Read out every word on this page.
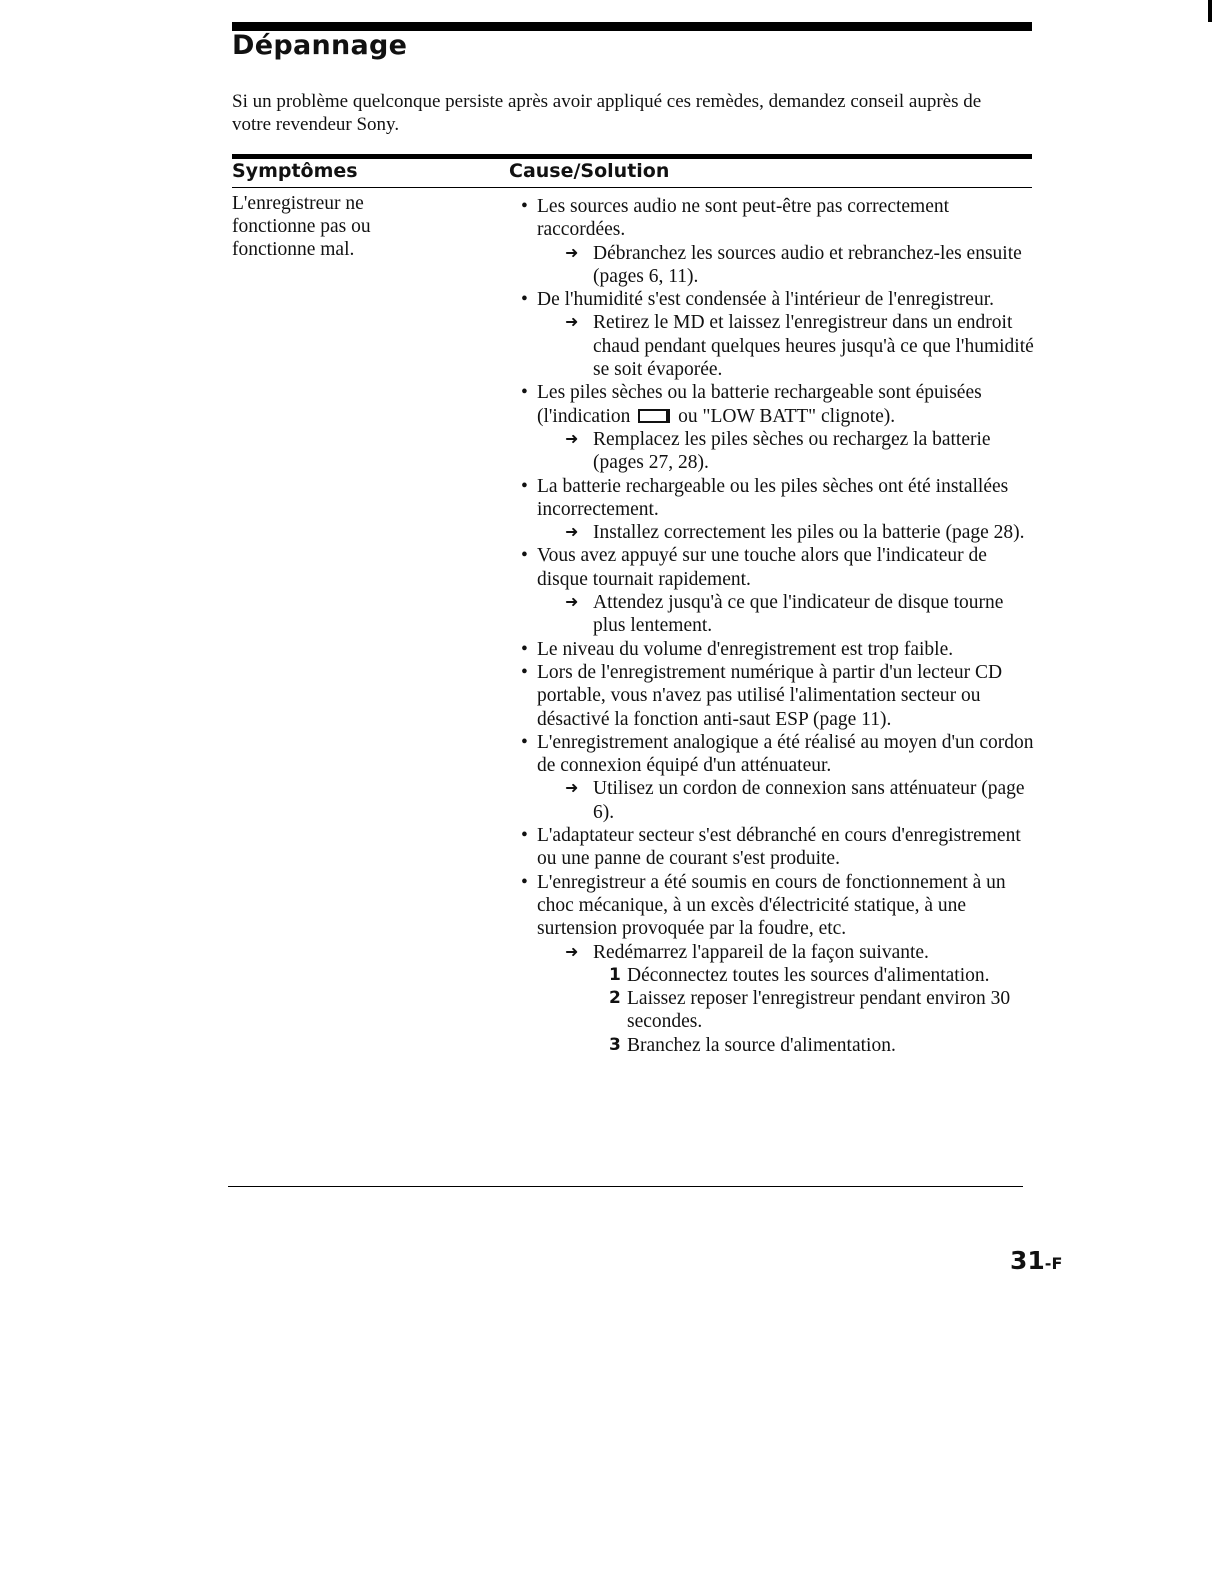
Dépannage

Si un problème quelconque persiste après avoir appliqué ces remèdes, demandez conseil auprès de votre revendeur Sony.

Symptômes	Cause/Solution

L'enregistreur ne fonctionne pas ou fonctionne mal.

• Les sources audio ne sont peut-être pas correctement raccordées.
➜ Débranchez les sources audio et rebranchez-les ensuite (pages 6, 11).
• De l'humidité s'est condensée à l'intérieur de l'enregistreur.
➜ Retirez le MD et laissez l'enregistreur dans un endroit chaud pendant quelques heures jusqu'à ce que l'humidité se soit évaporée.
• Les piles sèches ou la batterie rechargeable sont épuisées (l'indication ou "LOW BATT" clignote).
➜ Remplacez les piles sèches ou rechargez la batterie (pages 27, 28).
• La batterie rechargeable ou les piles sèches ont été installées incorrectement.
➜ Installez correctement les piles ou la batterie (page 28).
• Vous avez appuyé sur une touche alors que l'indicateur de disque tournait rapidement.
➜ Attendez jusqu'à ce que l'indicateur de disque tourne plus lentement.
• Le niveau du volume d'enregistrement est trop faible.
• Lors de l'enregistrement numérique à partir d'un lecteur CD portable, vous n'avez pas utilisé l'alimentation secteur ou désactivé la fonction anti-saut ESP (page 11).
• L'enregistrement analogique a été réalisé au moyen d'un cordon de connexion équipé d'un atténuateur.
➜ Utilisez un cordon de connexion sans atténuateur (page 6).
• L'adaptateur secteur s'est débranché en cours d'enregistrement ou une panne de courant s'est produite.
• L'enregistreur a été soumis en cours de fonctionnement à un choc mécanique, à un excès d'électricité statique, à une surtension provoquée par la foudre, etc.
➜ Redémarrez l'appareil de la façon suivante.
1 Déconnectez toutes les sources d'alimentation.
2 Laissez reposer l'enregistreur pendant environ 30 secondes.
3 Branchez la source d'alimentation.
31-F
